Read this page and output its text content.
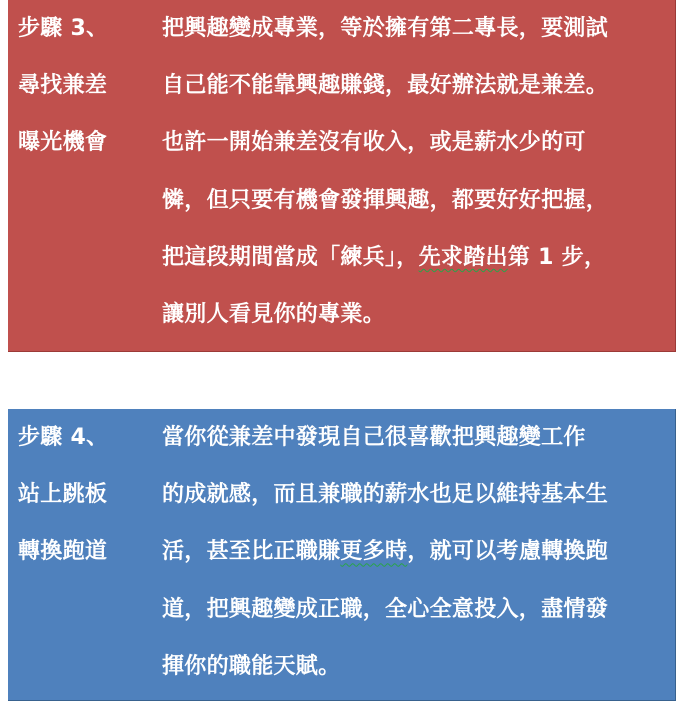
步驟 3、
尋找兼差
曝光機會
把興趣變成專業，等於擁有第二專長，要測試
自己能不能靠興趣賺錢，最好辦法就是兼差。
也許一開始兼差沒有收入，或是薪水少的可
憐，但只要有機會發揮興趣，都要好好把握，
把這段期間當成「練兵」，先求踏出第 1 步，
讓別人看見你的專業。
步驟 4、
站上跳板
轉換跑道
當你從兼差中發現自己很喜歡把興趣變工作
的成就感，而且兼職的薪水也足以維持基本生
活，甚至比正職賺更多時，就可以考慮轉換跑
道，把興趣變成正職，全心全意投入，盡情發
揮你的職能天賦。
